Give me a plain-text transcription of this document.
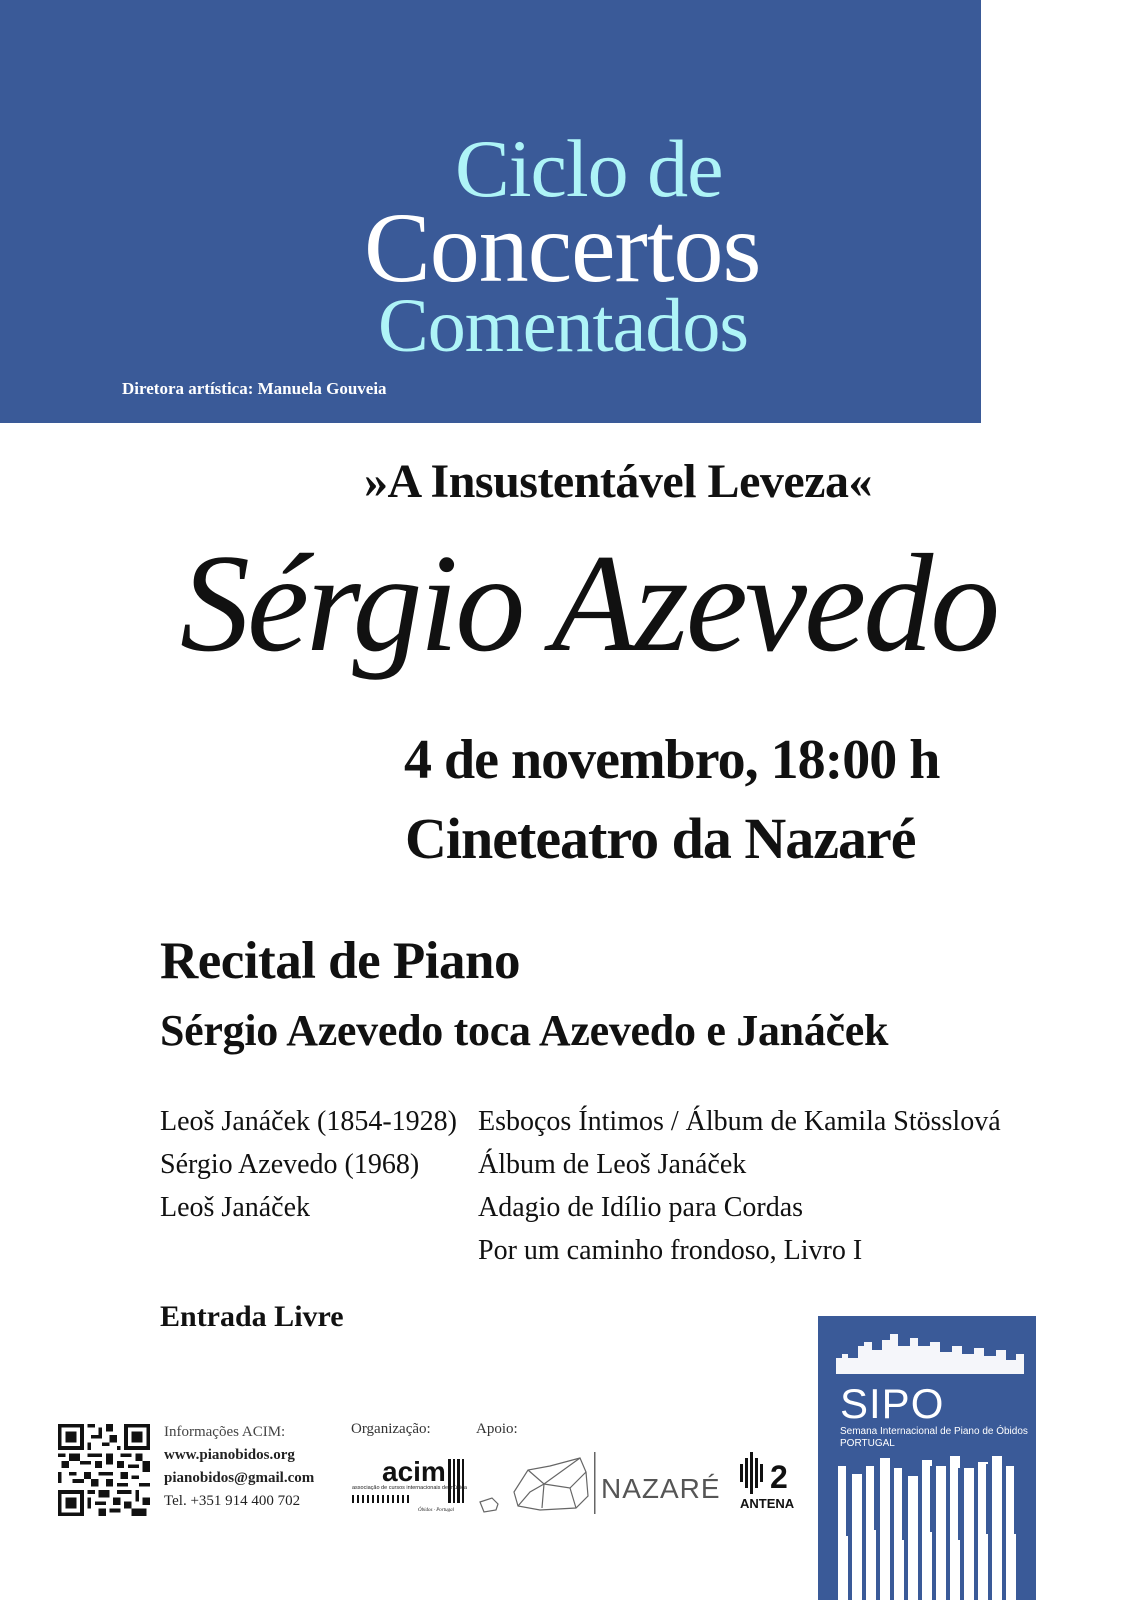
Ciclo de
Concertos
Comentados
Diretora artística: Manuela Gouveia
»A Insustentável Leveza«
Sérgio Azevedo
4 de novembro, 18:00 h
Cineteatro da Nazaré
Recital de Piano
Sérgio Azevedo toca Azevedo e Janáček
Leoš Janáček (1854-1928) Esboços Íntimos / Álbum de Kamila Stösslová
Sérgio Azevedo (1968) Álbum de Leoš Janáček
Leoš Janáček	Adagio de Idílio para Cordas
Por um caminho frondoso, Livro I
Entrada Livre
Informações ACIM:
www.pianobidos.org
pianobidos@gmail.com
Tel. +351 914 400 702
Organização:	Apoio:
acim
associação de cursos internacionais de música
Óbidos · Portugal
NAZARÉ 2
ANTENA
SIPO
Semana Internacional de Piano de Óbidos
PORTUGAL
